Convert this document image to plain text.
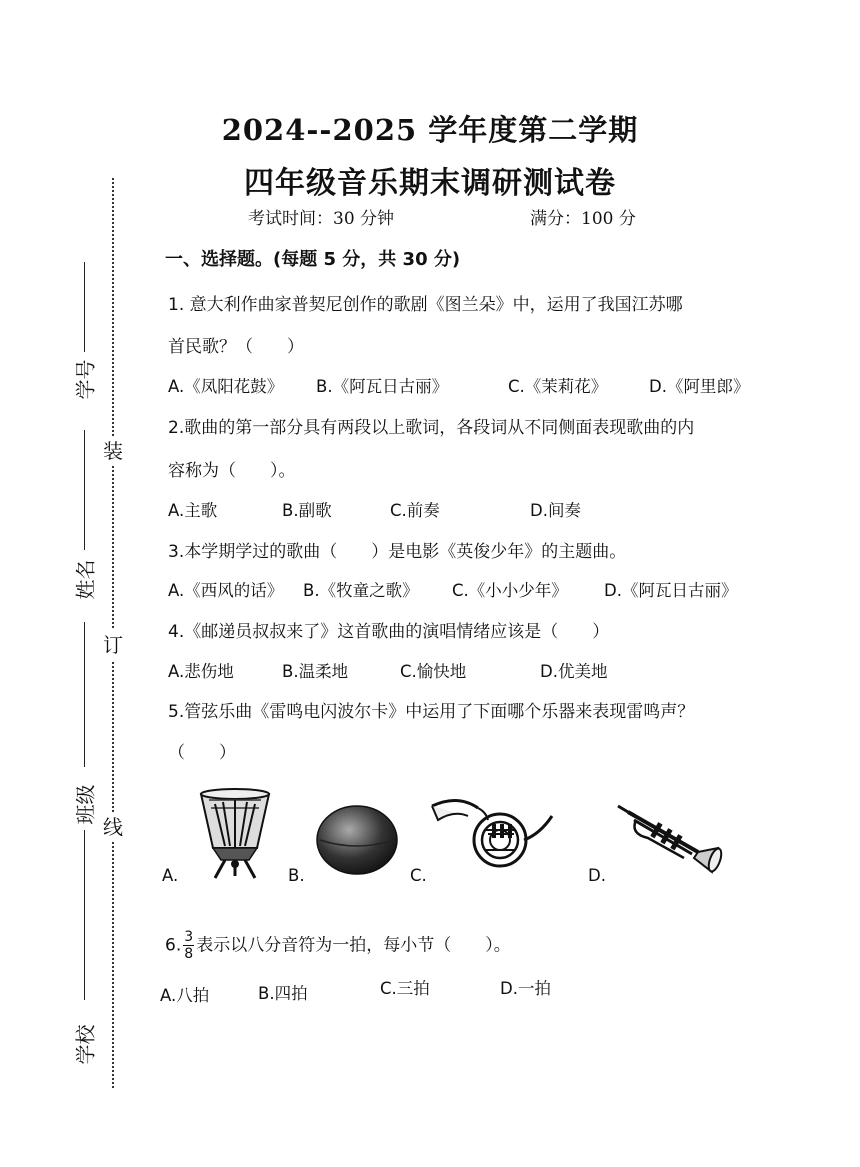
学号
姓名
班级
学校
装
订
线
2024--2025 学年度第二学期
四年级音乐期末调研测试卷
考试时间：30 分钟	满分：100 分
一、选择题。(每题 5 分，共 30 分)
1. 意大利作曲家普契尼创作的歌剧《图兰朵》中，运用了我国江苏哪
首民歌？（　　）
A.《凤阳花鼓》 B.《阿瓦日古丽》	C.《茉莉花》	D.《阿里郎》
2.歌曲的第一部分具有两段以上歌词，各段词从不同侧面表现歌曲的内
容称为（　　）。
A.主歌	B.副歌	C.前奏	D.间奏
3.本学期学过的歌曲（　　）是电影《英俊少年》的主题曲。
A.《西风的话》 B.《牧童之歌》 C.《小小少年》 D.《阿瓦日古丽》
4.《邮递员叔叔来了》这首歌曲的演唱情绪应该是（　　）
A.悲伤地	B.温柔地	C.愉快地	D.优美地
5.管弦乐曲《雷鸣电闪波尔卡》中运用了下面哪个乐器来表现雷鸣声？
（　　）
A.	B.	C.	D.
6. $\frac{3}{8}$ 表示以八分音符为一拍，每小节（　　）。
A.八拍	B.四拍	C.三拍	D.一拍
